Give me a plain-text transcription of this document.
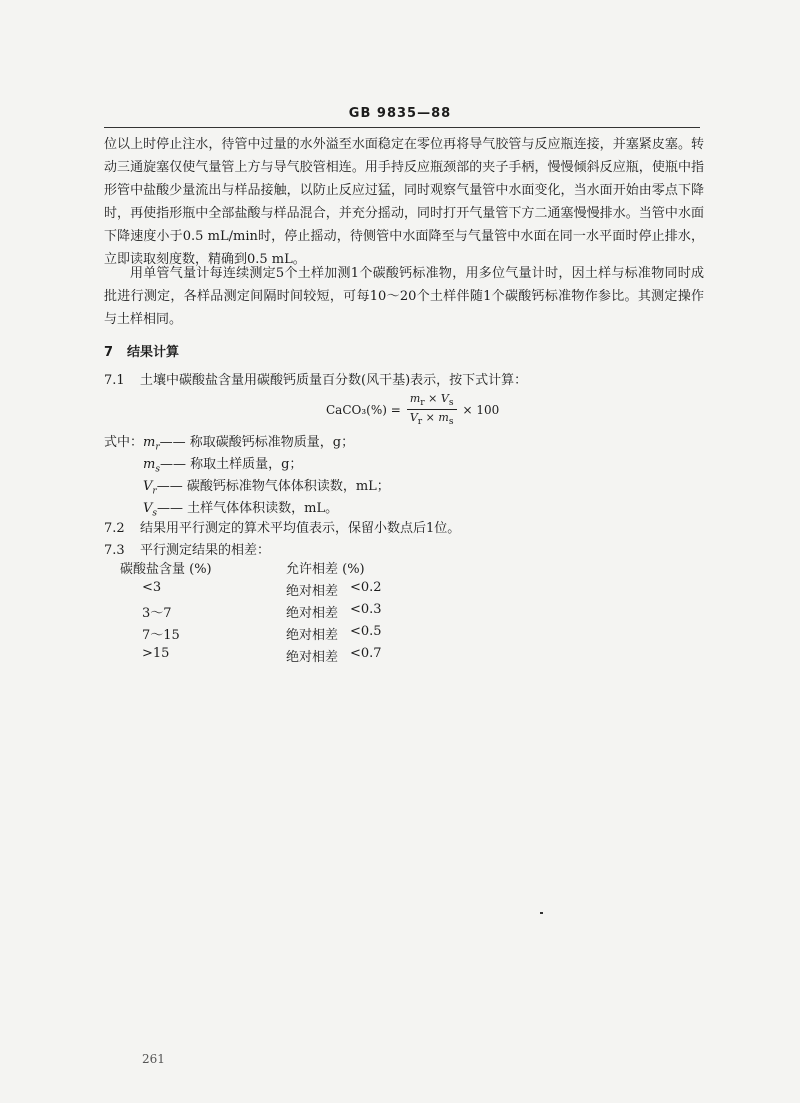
GB 9835—88
位以上时停止注水，待管中过量的水外溢至水面稳定在零位再将导气胶管与反应瓶连接，并塞紧皮塞。转动三通旋塞仅使气量管上方与导气胶管相连。用手持反应瓶颈部的夹子手柄，慢慢倾斜反应瓶，使瓶中指形管中盐酸少量流出与样品接触，以防止反应过猛，同时观察气量管中水面变化，当水面开始由零点下降时，再使指形瓶中全部盐酸与样品混合，并充分摇动，同时打开气量管下方二通塞慢慢排水。当管中水面下降速度小于0.5 mL/min时，停止摇动，待侧管中水面降至与气量管中水面在同一水平面时停止排水，立即读取刻度数，精确到0.5 mL。
用单管气量计每连续测定5个土样加测1个碳酸钙标准物，用多位气量计时，因土样与标准物同时成批进行测定，各样品测定间隔时间较短，可每10～20个土样伴随1个碳酸钙标准物作参比。其测定操作与土样相同。
7 结果计算
7.1 土壤中碳酸盐含量用碳酸钙质量百分数(风干基)表示，按下式计算：
CaCO₃(%) = $\frac{m_r \times V_s}{V_r \times m_s} \times 100$
式中：$m_r——$ 称取碳酸钙标准物质量，g；
$m_s——$ 称取土样质量，g；
$V_r——$ 碳酸钙标准物气体体积读数，mL；
$V_s——$ 土样气体体积读数，mL。
7.2 结果用平行测定的算术平均值表示，保留小数点后1位。
7.3 平行测定结果的相差：
碳酸盐含量 (%)	允许相差 (%)
<3	绝对相差 <0.2
3～7	绝对相差 <0.3
7～15	绝对相差 <0.5
>15	绝对相差 <0.7
261
